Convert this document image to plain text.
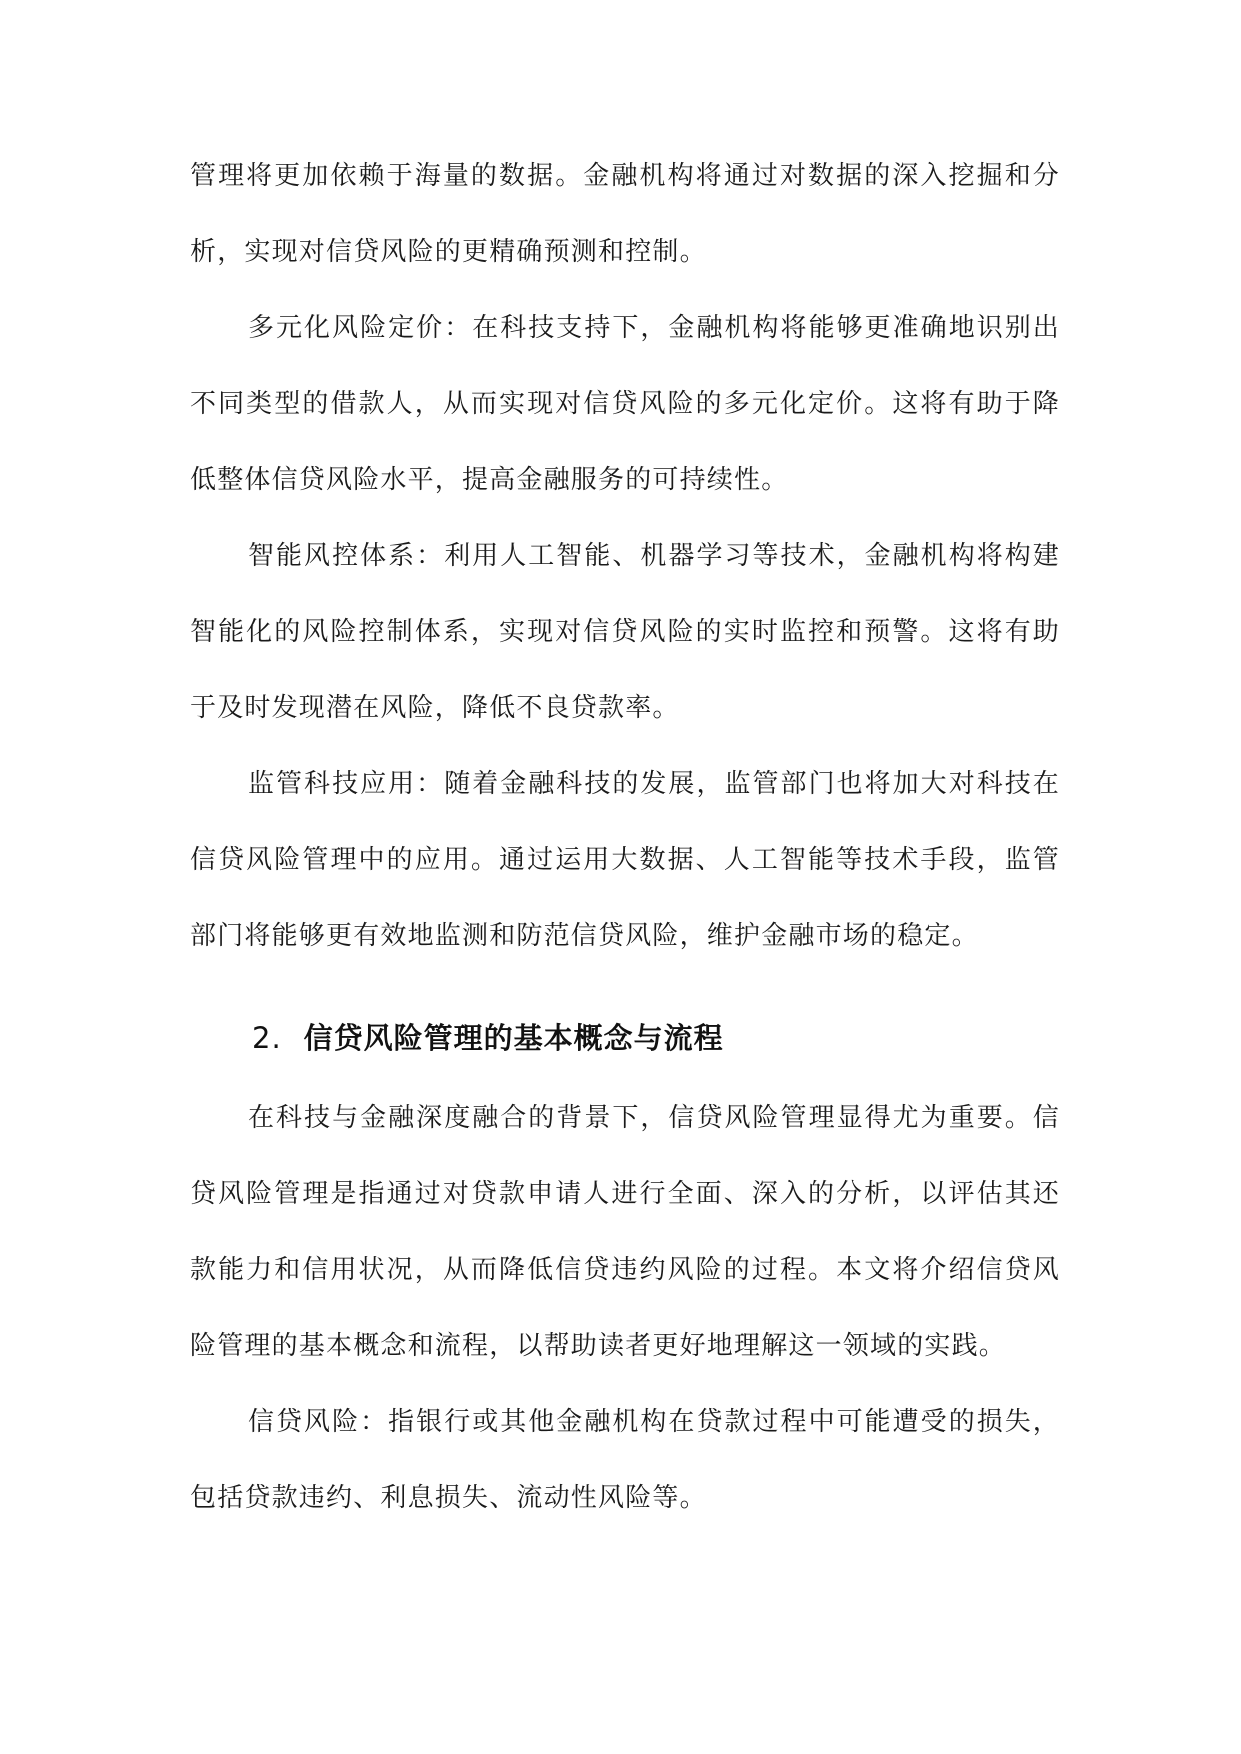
管理将更加依赖于海量的数据。金融机构将通过对数据的深入挖掘和分析，实现对信贷风险的更精确预测和控制。

多元化风险定价：在科技支持下，金融机构将能够更准确地识别出不同类型的借款人，从而实现对信贷风险的多元化定价。这将有助于降低整体信贷风险水平，提高金融服务的可持续性。

智能风控体系：利用人工智能、机器学习等技术，金融机构将构建智能化的风险控制体系，实现对信贷风险的实时监控和预警。这将有助于及时发现潜在风险，降低不良贷款率。

监管科技应用：随着金融科技的发展，监管部门也将加大对科技在信贷风险管理中的应用。通过运用大数据、人工智能等技术手段，监管部门将能够更有效地监测和防范信贷风险，维护金融市场的稳定。

2. 信贷风险管理的基本概念与流程

在科技与金融深度融合的背景下，信贷风险管理显得尤为重要。信贷风险管理是指通过对贷款申请人进行全面、深入的分析，以评估其还款能力和信用状况，从而降低信贷违约风险的过程。本文将介绍信贷风险管理的基本概念和流程，以帮助读者更好地理解这一领域的实践。

信贷风险：指银行或其他金融机构在贷款过程中可能遭受的损失，包括贷款违约、利息损失、流动性风险等。
